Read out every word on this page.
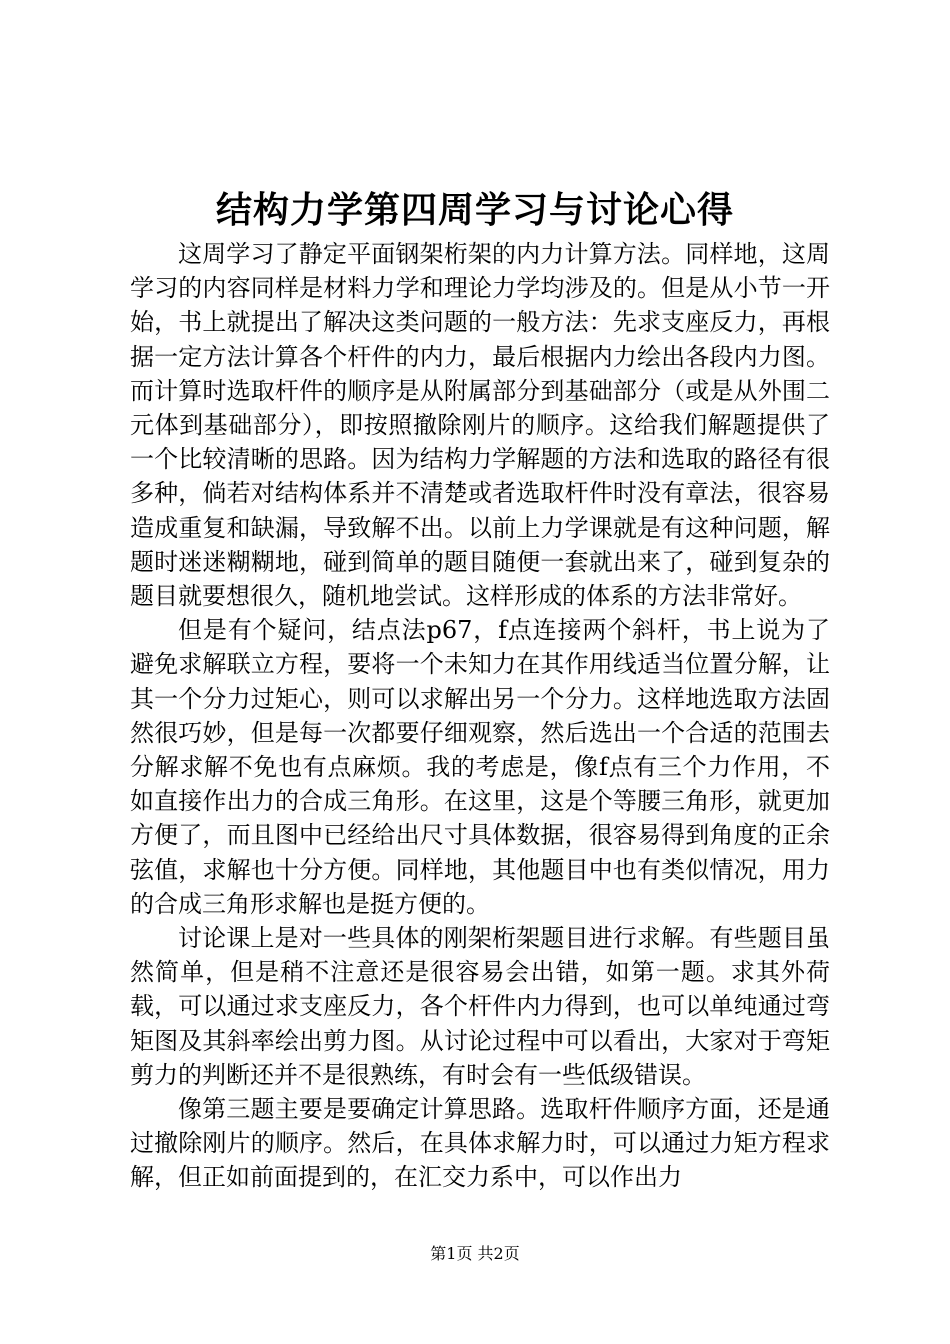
结构力学第四周学习与讨论心得

这周学习了静定平面钢架桁架的内力计算方法。同样地，这周学习的内容同样是材料力学和理论力学均涉及的。但是从小节一开始，书上就提出了解决这类问题的一般方法：先求支座反力，再根据一定方法计算各个杆件的内力，最后根据内力绘出各段内力图。而计算时选取杆件的顺序是从附属部分到基础部分（或是从外围二元体到基础部分），即按照撤除刚片的顺序。这给我们解题提供了一个比较清晰的思路。因为结构力学解题的方法和选取的路径有很多种，倘若对结构体系并不清楚或者选取杆件时没有章法，很容易造成重复和缺漏，导致解不出。以前上力学课就是有这种问题，解题时迷迷糊糊地，碰到简单的题目随便一套就出来了，碰到复杂的题目就要想很久，随机地尝试。这样形成的体系的方法非常好。

但是有个疑问，结点法p67，f点连接两个斜杆，书上说为了避免求解联立方程，要将一个未知力在其作用线适当位置分解，让其一个分力过矩心，则可以求解出另一个分力。这样地选取方法固然很巧妙，但是每一次都要仔细观察，然后选出一个合适的范围去分解求解不免也有点麻烦。我的考虑是，像f点有三个力作用，不如直接作出力的合成三角形。在这里，这是个等腰三角形，就更加方便了，而且图中已经给出尺寸具体数据，很容易得到角度的正余弦值，求解也十分方便。同样地，其他题目中也有类似情况，用力的合成三角形求解也是挺方便的。

讨论课上是对一些具体的刚架桁架题目进行求解。有些题目虽然简单，但是稍不注意还是很容易会出错，如第一题。求其外荷载，可以通过求支座反力，各个杆件内力得到，也可以单纯通过弯矩图及其斜率绘出剪力图。从讨论过程中可以看出，大家对于弯矩剪力的判断还并不是很熟练，有时会有一些低级错误。

像第三题主要是要确定计算思路。选取杆件顺序方面，还是通过撤除刚片的顺序。然后，在具体求解力时，可以通过力矩方程求解，但正如前面提到的，在汇交力系中，可以作出力

第1页 共2页
